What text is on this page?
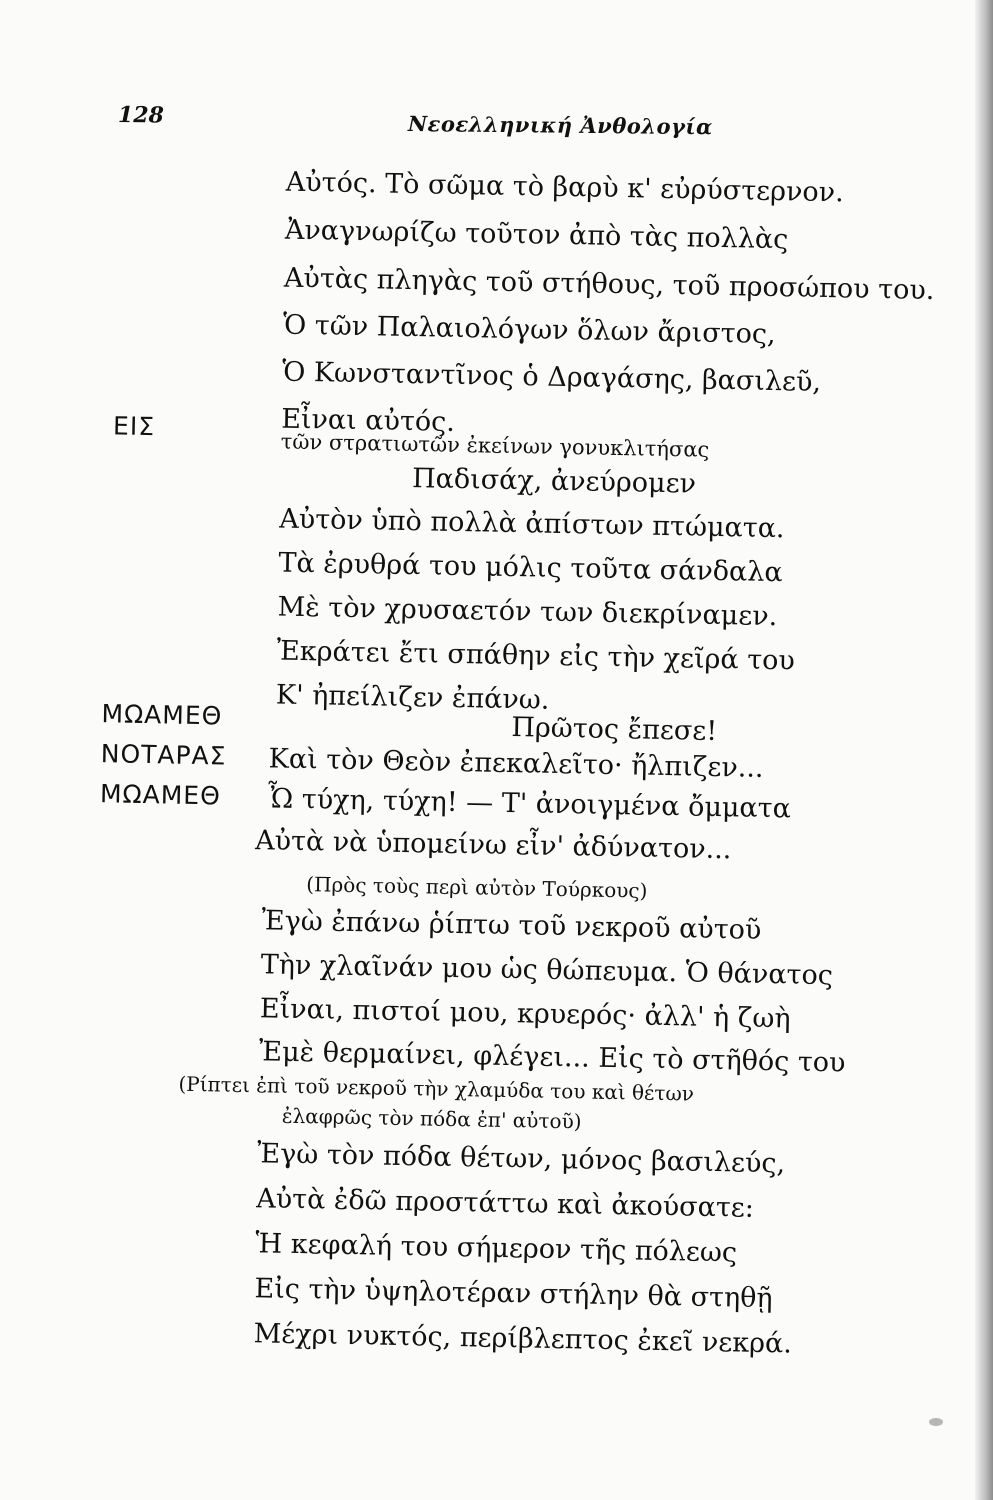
128	Νεοελληνική Ἀνθολογία
Αὐτός. Τὸ σῶμα τὸ βαρὺ κ' εὐρύστερνον.
Ἀναγνωρίζω τοῦτον ἀπὸ τὰς πολλὰς
Αὐτὰς πληγὰς τοῦ στήθους, τοῦ προσώπου του.
Ὁ τῶν Παλαιολόγων ὅλων ἄριστος,
Ὁ Κωνσταντῖνος ὁ Δραγάσης, βασιλεῦ,
Εἶναι αὐτός.
ΕΙΣ
τῶν στρατιωτῶν ἐκείνων γονυκλιτήσας
Παδισάχ, ἀνεύρομεν
Αὐτὸν ὑπὸ πολλὰ ἀπίστων πτώματα.
Τὰ ἐρυθρά του μόλις τοῦτα σάνδαλα
Μὲ τὸν χρυσαετόν των διεκρίναμεν.
Ἐκράτει ἔτι σπάθην εἰς τὴν χεῖρά του
Κ' ἠπείλιζεν ἐπάνω.
ΜΩΑΜΕΘ	Πρῶτος ἔπεσε!
ΝΟΤΑΡΑΣ Καὶ τὸν Θεὸν ἐπεκαλεῖτο· ἤλπιζεν...
ΜΩΑΜΕΘ Ὦ τύχη, τύχη! — Τ' ἀνοιγμένα ὄμματα
Αὐτὰ νὰ ὑπομείνω εἶν' ἀδύνατον...
(Πρὸς τοὺς περὶ αὐτὸν Τούρκους)
Ἐγὼ ἐπάνω ῥίπτω τοῦ νεκροῦ αὐτοῦ
Τὴν χλαῖνάν μου ὡς θώπευμα. Ὁ θάνατος
Εἶναι, πιστοί μου, κρυερός· ἀλλ' ἡ ζωὴ
Ἐμὲ θερμαίνει, φλέγει... Εἰς τὸ στῆθός του
(Ρίπτει ἐπὶ τοῦ νεκροῦ τὴν χλαμύδα του καὶ θέτων
ἐλαφρῶς τὸν πόδα ἐπ' αὐτοῦ)
Ἐγὼ τὸν πόδα θέτων, μόνος βασιλεύς,
Αὐτὰ ἐδῶ προστάττω καὶ ἀκούσατε:
Ἡ κεφαλή του σήμερον τῆς πόλεως
Εἰς τὴν ὑψηλοτέραν στήλην θὰ στηθῇ
Μέχρι νυκτός, περίβλεπτος ἐκεῖ νεκρά.
